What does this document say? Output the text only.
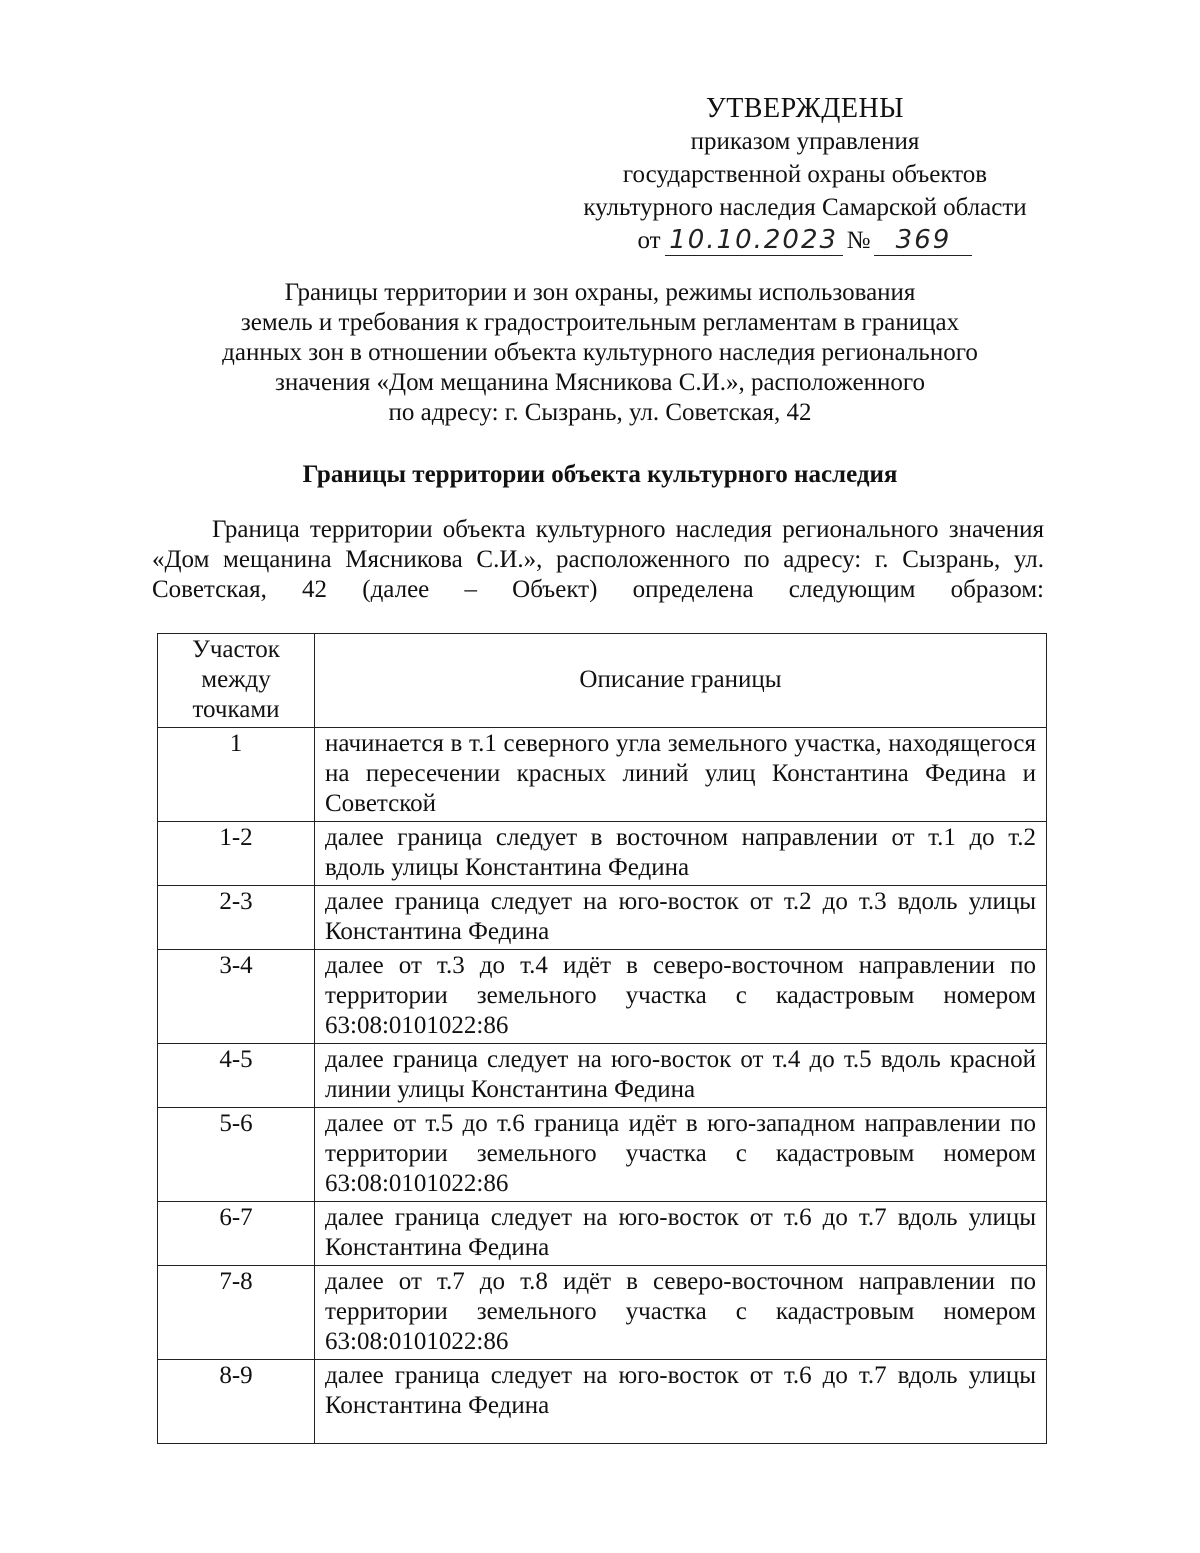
УТВЕРЖДЕНЫ
приказом управления
государственной охраны объектов
культурного наследия Самарской области
от 10.10.2023 № 369
Границы территории и зон охраны, режимы использования
земель и требования к градостроительным регламентам в границах
данных зон в отношении объекта культурного наследия регионального
значения «Дом мещанина Мясникова С.И.», расположенного
по адресу: г. Сызрань, ул. Советская, 42
Границы территории объекта культурного наследия
Граница территории объекта культурного наследия регионального значения «Дом мещанина Мясникова С.И.», расположенного по адресу: г. Сызрань, ул. Советская, 42 (далее – Объект) определена следующим образом:
Участок между точками	Описание границы
1	начинается в т.1 северного угла земельного участка, находящегося на пересечении красных линий улиц Константина Федина и Советской
1-2	далее граница следует в восточном направлении от т.1 до т.2 вдоль улицы Константина Федина
2-3	далее граница следует на юго-восток от т.2 до т.3 вдоль улицы Константина Федина
3-4	далее от т.3 до т.4 идёт в северо-восточном направлении по территории земельного участка с кадастровым номером 63:08:0101022:86
4-5	далее граница следует на юго-восток от т.4 до т.5 вдоль красной линии улицы Константина Федина
5-6	далее от т.5 до т.6 граница идёт в юго-западном направлении по территории земельного участка с кадастровым номером 63:08:0101022:86
6-7	далее граница следует на юго-восток от т.6 до т.7 вдоль улицы Константина Федина
7-8	далее от т.7 до т.8 идёт в северо-восточном направлении по территории земельного участка с кадастровым номером 63:08:0101022:86
8-9	далее граница следует на юго-восток от т.6 до т.7 вдоль улицы Константина Федина
